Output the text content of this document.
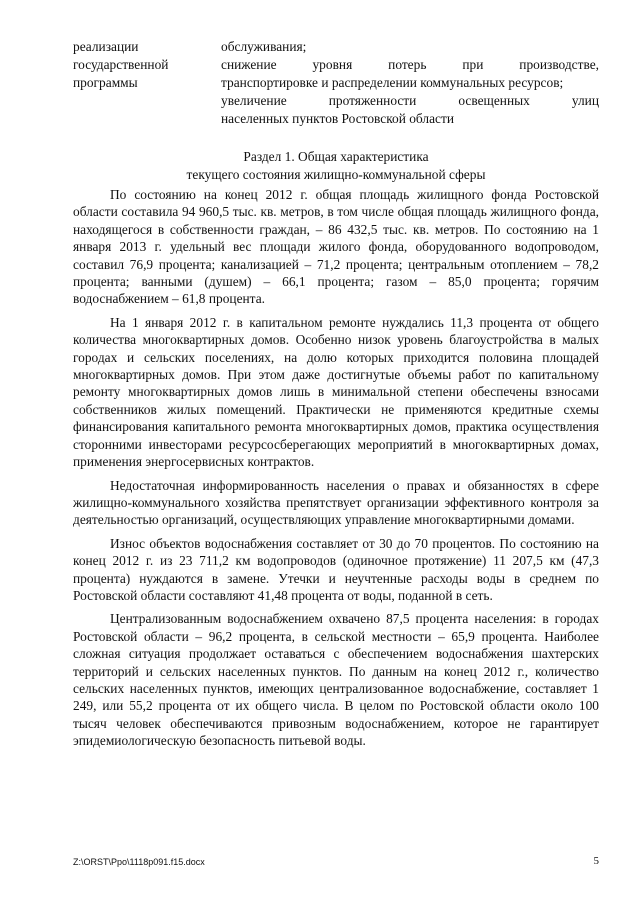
реализации
государственной
программы
обслуживания;
снижение уровня потерь при производстве,
транспортировке и распределении коммунальных ресурсов;
увеличение протяженности освещенных улиц
населенных пунктов Ростовской области
Раздел 1. Общая характеристика
текущего состояния жилищно-коммунальной сферы

По состоянию на конец 2012 г. общая площадь жилищного фонда Ростовской области составила 94 960,5 тыс. кв. метров, в том числе общая площадь жилищного фонда, находящегося в собственности граждан, – 86 432,5 тыс. кв. метров. По состоянию на 1 января 2013 г. удельный вес площади жилого фонда, оборудованного водопроводом, составил 76,9 процента; канализацией – 71,2 процента; центральным отоплением – 78,2 процента; ванными (душем) – 66,1 процента; газом – 85,0 процента; горячим водоснабжением – 61,8 процента.

На 1 января 2012 г. в капитальном ремонте нуждались 11,3 процента от общего количества многоквартирных домов. Особенно низок уровень благоустройства в малых городах и сельских поселениях, на долю которых приходится половина площадей многоквартирных домов. При этом даже достигнутые объемы работ по капитальному ремонту многоквартирных домов лишь в минимальной степени обеспечены взносами собственников жилых помещений. Практически не применяются кредитные схемы финансирования капитального ремонта многоквартирных домов, практика осуществления сторонними инвесторами ресурсосберегающих мероприятий в многоквартирных домах, применения энергосервисных контрактов.

Недостаточная информированность населения о правах и обязанностях в сфере жилищно-коммунального хозяйства препятствует организации эффективного контроля за деятельностью организаций, осуществляющих управление многоквартирными домами.

Износ объектов водоснабжения составляет от 30 до 70 процентов. По состоянию на конец 2012 г. из 23 711,2 км водопроводов (одиночное протяжение) 11 207,5 км (47,3 процента) нуждаются в замене. Утечки и неучтенные расходы воды в среднем по Ростовской области составляют 41,48 процента от воды, поданной в сеть.

Централизованным водоснабжением охвачено 87,5 процента населения: в городах Ростовской области – 96,2 процента, в сельской местности – 65,9 процента. Наиболее сложная ситуация продолжает оставаться с обеспечением водоснабжения шахтерских территорий и сельских населенных пунктов. По данным на конец 2012 г., количество сельских населенных пунктов, имеющих централизованное водоснабжение, составляет 1 249, или 55,2 процента от их общего числа. В целом по Ростовской области около 100 тысяч человек обеспечиваются привозным водоснабжением, которое не гарантирует эпидемиологическую безопасность питьевой воды.

Z:\ORST\Ppo\1118p091.f15.docx	5
